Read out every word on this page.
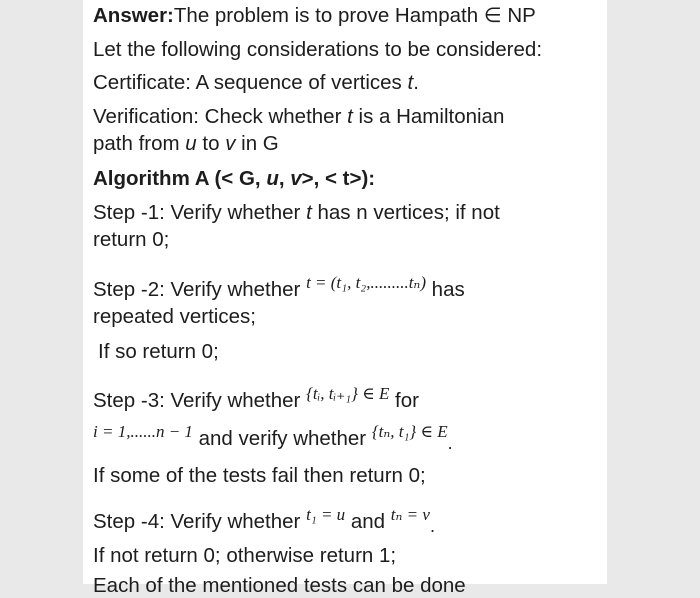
Answer:The problem is to prove Hampath ∈ NP
Let the following considerations to be considered:
Certificate: A sequence of vertices t.
Verification: Check whether t is a Hamiltonian
path from u to v in G
Algorithm A (< G, u, v>, < t>):
Step -1: Verify whether t has n vertices; if not
return 0;
Step -2: Verify whether $^{t = (t_1, t_2,.........t_n)}$ has
repeated vertices;
If so return 0;
Step -3: Verify whether $^{\{tᵢ, tᵢ_{+1}\} \in E}$ for
$^{i = 1,......n - 1}$ and verify whether $^{\{t_n, t_1\} \in E}$.
If some of the tests fail then return 0;
Step -4: Verify whether $^{t_1 = u}$ and $^{t_n = v}$.
If not return 0; otherwise return 1;
Each of the mentioned tests can be done
